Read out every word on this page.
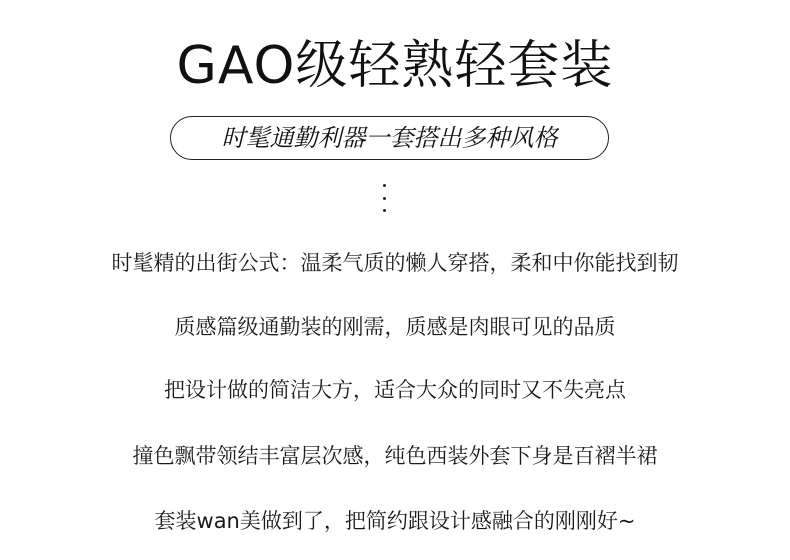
GAO级轻熟轻套装
时髦通勤利器一套搭出多种风格
时髦精的出街公式：温柔气质的懒人穿搭，柔和中你能找到韧
质感篇级通勤装的刚需，质感是肉眼可见的品质
把设计做的简洁大方，适合大众的同时又不失亮点
撞色飘带领结丰富层次感，纯色西装外套下身是百褶半裙
套装wan美做到了，把简约跟设计感融合的刚刚好~
